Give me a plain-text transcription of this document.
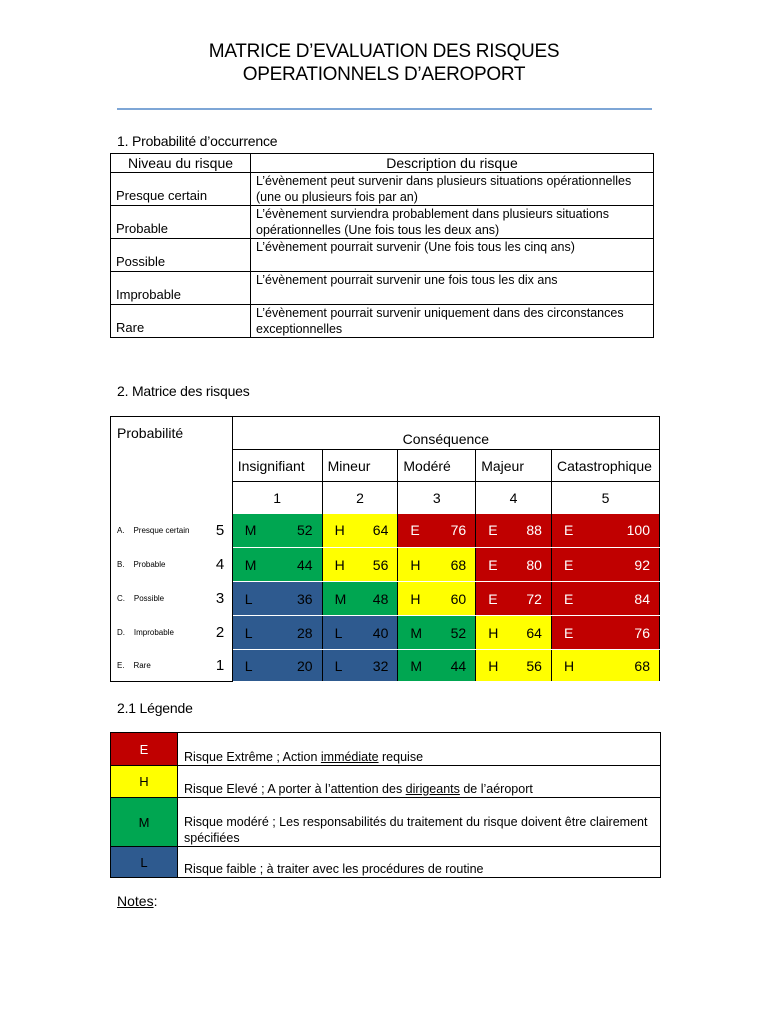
MATRICE D’EVALUATION DES RISQUES
OPERATIONNELS D’AEROPORT
1. Probabilité d’occurrence
Niveau du risque	Description du risque
Presque certain	L’évènement peut survenir dans plusieurs situations opérationnelles
(une ou plusieurs fois par an)

Probable	L’évènement surviendra probablement dans plusieurs situations
opérationnelles (Une fois tous les deux ans)

Possible	L’évènement pourrait survenir (Une fois tous les cinq ans)

Improbable	L’évènement pourrait survenir une fois tous les dix ans

Rare	L’évènement pourrait survenir uniquement dans des circonstances
exceptionnelles
2. Matrice des risques
Probabilité		Conséquence									
		Insignifiant		Mineur		Modéré		Majeur		Catastrophique	
		1		2		3		4		5	
A.    Presque certain	5	M	52	H	64	E	76	E	88	E	100
B.    Probable	4	M	44	H	56	H	68	E	80	E	92
C.    Possible	3	L	36	M	48	H	60	E	72	E	84
D.    Improbable	2	L	28	L	40	M	52	H	64	E	76
E.    Rare	1	L	20	L	32	M	44	H	56	H	68
2.1 Légende
E	Risque Extrême ; Action immédiate requise
H	Risque Elevé ; A porter à l’attention des dirigeants de l’aéroport
M	Risque modéré ; Les responsabilités du traitement du risque doivent être clairement spécifiées
L	Risque faible ; à traiter avec les procédures de routine
Notes:
